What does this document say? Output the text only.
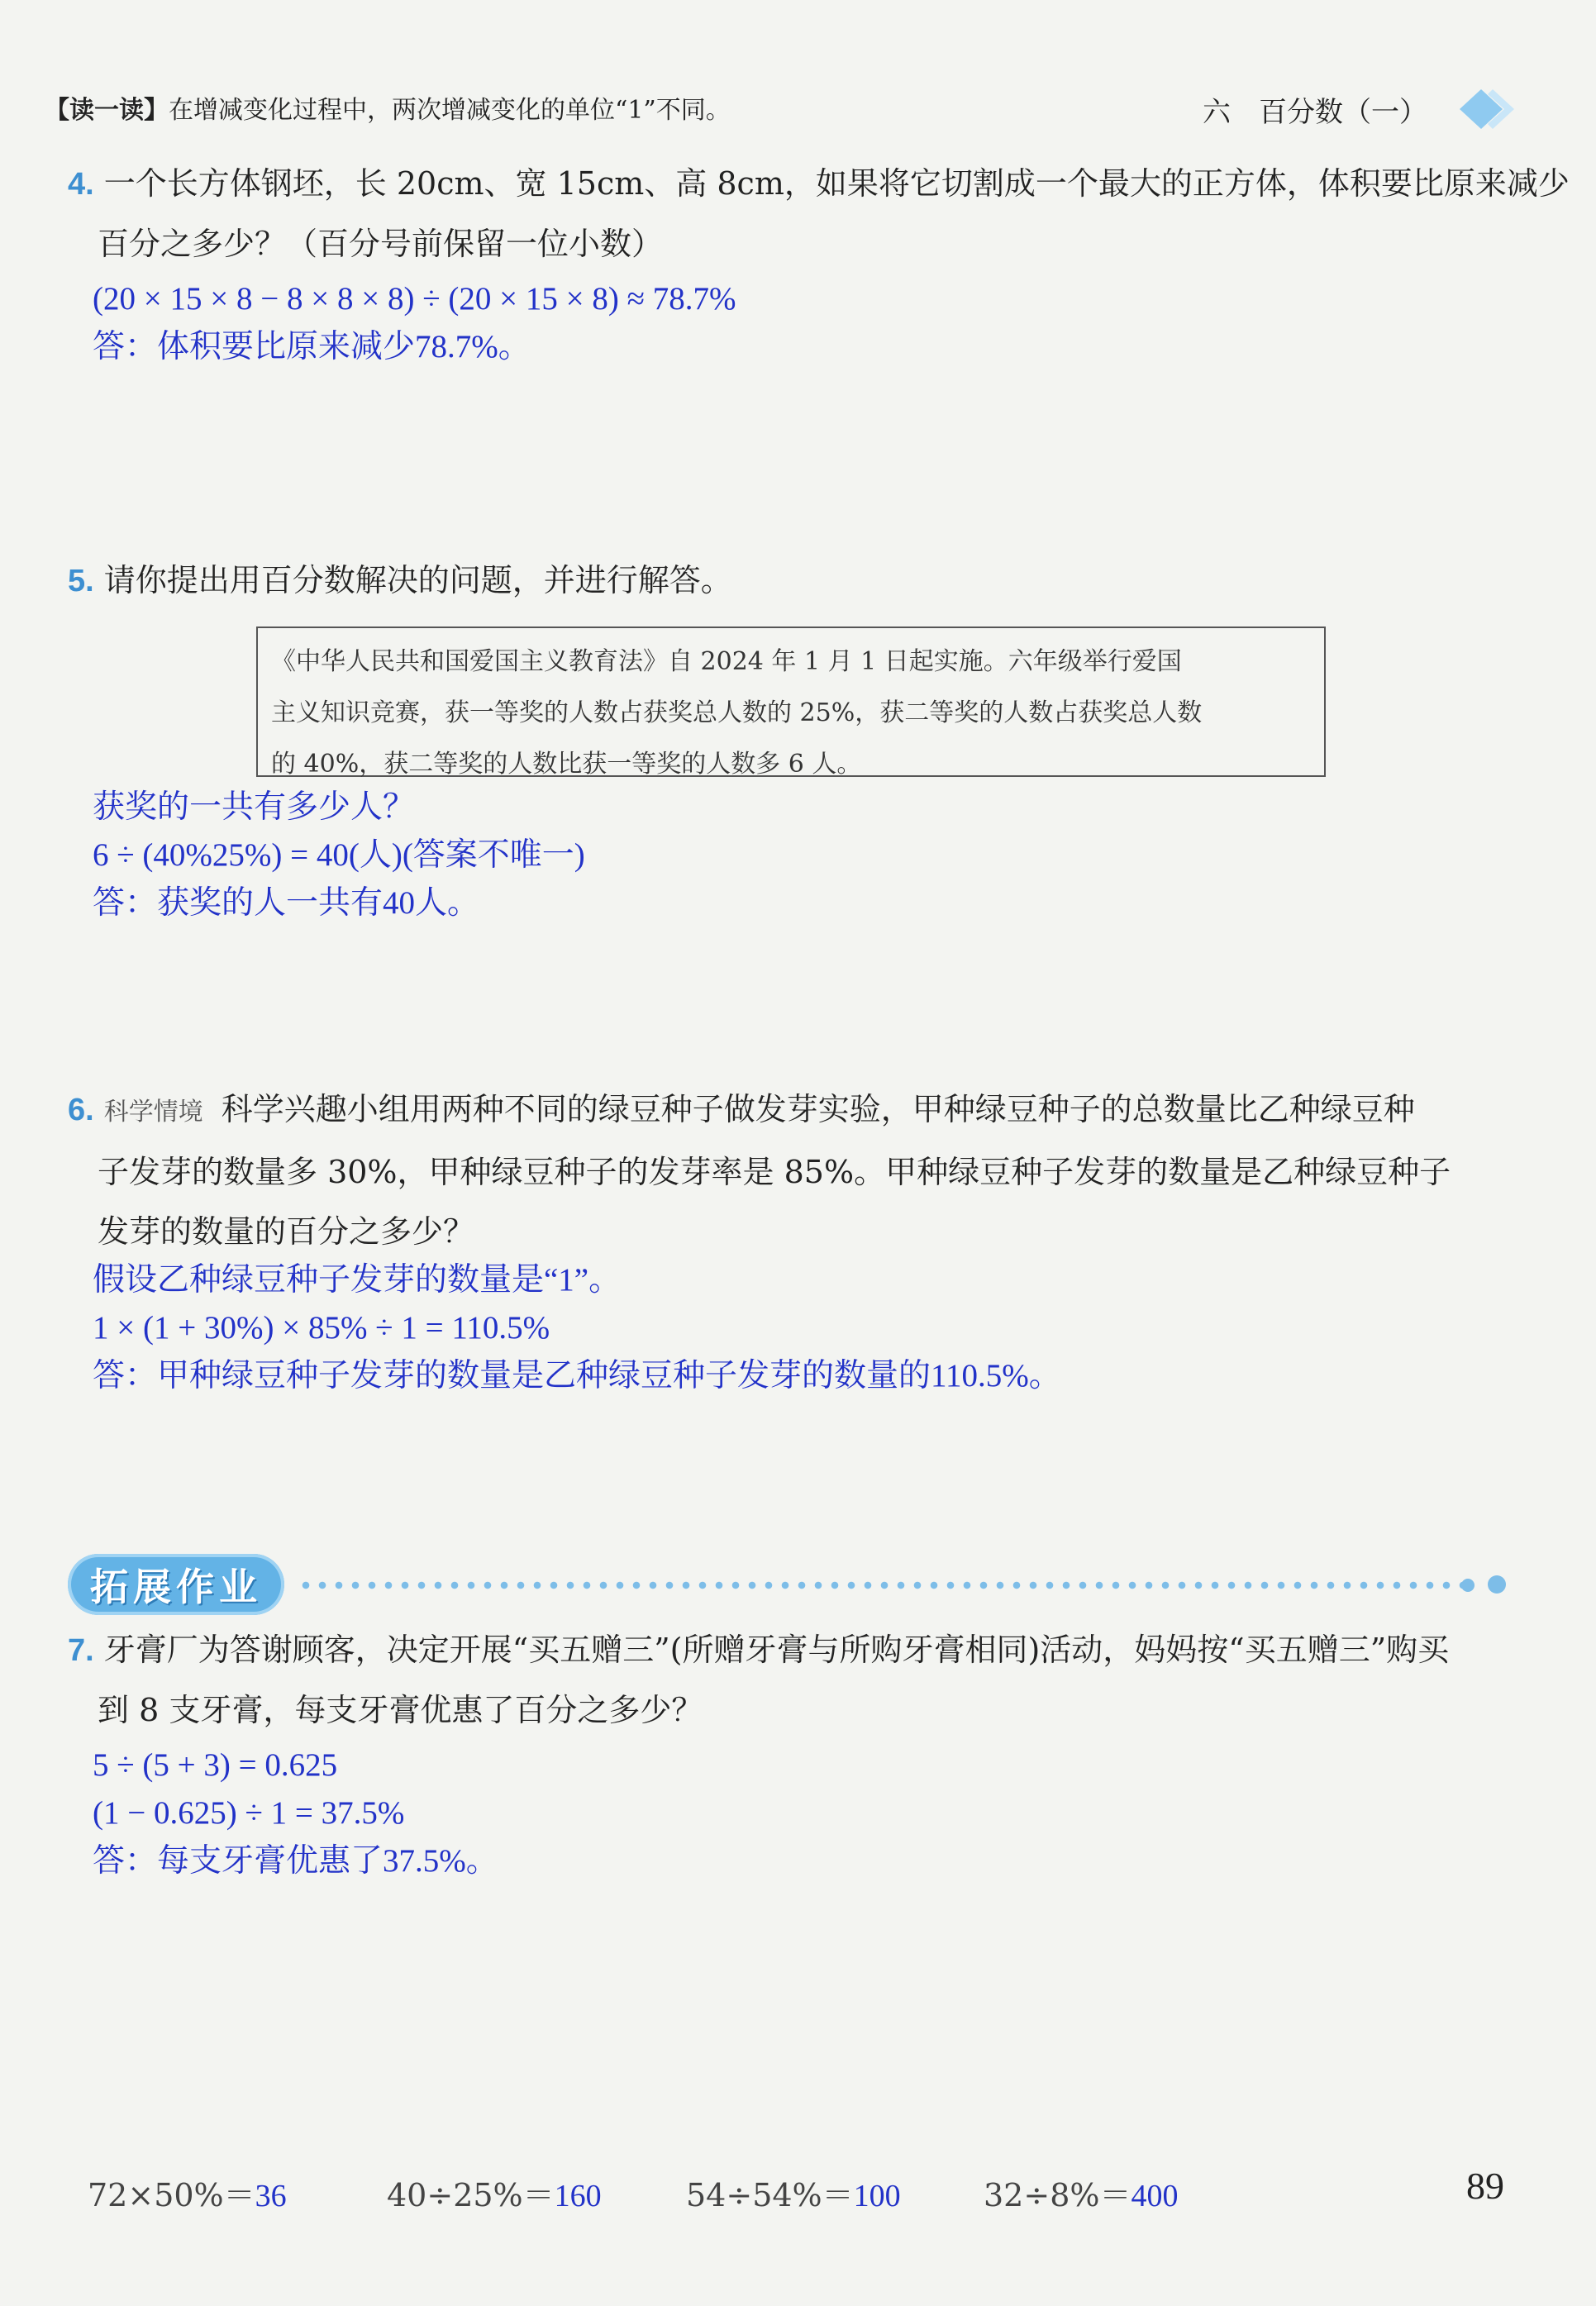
【读一读】在增减变化过程中，两次增减变化的单位“1”不同。	六　百分数（一）
4. 一个长方体钢坯，长 20cm、宽 15cm、高 8cm，如果将它切割成一个最大的正方体，体积要比原来减少
百分之多少？（百分号前保留一位小数）
(20 × 15 × 8 − 8 × 8 × 8) ÷ (20 × 15 × 8) ≈ 78.7%
答：体积要比原来减少78.7%。
5. 请你提出用百分数解决的问题，并进行解答。
《中华人民共和国爱国主义教育法》自 2024 年 1 月 1 日起实施。六年级举行爱国
主义知识竞赛，获一等奖的人数占获奖总人数的 25%，获二等奖的人数占获奖总人数
的 40%，获二等奖的人数比获一等奖的人数多 6 人。
获奖的一共有多少人？
6 ÷ (40%25%) = 40(人)(答案不唯一)
答：获奖的人一共有40人。
6. 科学情境 科学兴趣小组用两种不同的绿豆种子做发芽实验，甲种绿豆种子的总数量比乙种绿豆种
子发芽的数量多 30%，甲种绿豆种子的发芽率是 85%。甲种绿豆种子发芽的数量是乙种绿豆种子
发芽的数量的百分之多少？
假设乙种绿豆种子发芽的数量是“1”。
1 × (1 + 30%) × 85% ÷ 1 = 110.5%
答：甲种绿豆种子发芽的数量是乙种绿豆种子发芽的数量的110.5%。
拓展作业
7. 牙膏厂为答谢顾客，决定开展“买五赠三”(所赠牙膏与所购牙膏相同)活动，妈妈按“买五赠三”购买
到 8 支牙膏，每支牙膏优惠了百分之多少？
5 ÷ (5 + 3) = 0.625
(1 − 0.625) ÷ 1 = 37.5%
答：每支牙膏优惠了37.5%。
72×50%＝36	40÷25%＝160	54÷54%＝100	32÷8%＝400	89
